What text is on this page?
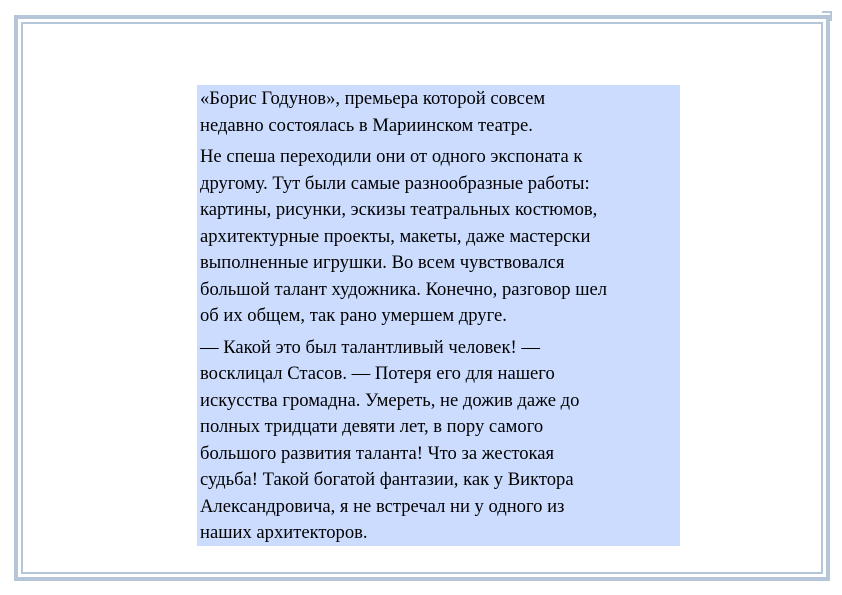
«Борис Годунов», премьера которой совсем
недавно состоялась в Мариинском театре.

Не спеша переходили они от одного экспоната к
другому. Тут были самые разнообразные работы:
картины, рисунки, эскизы театральных костюмов,
архитектурные проекты, макеты, даже мастерски
выполненные игрушки. Во всем чувствовался
большой талант художника. Конечно, разговор шел
об их общем, так рано умершем друге.

— Какой это был талантливый человек! —
восклицал Стасов. — Потеря его для нашего
искусства громадна. Умереть, не дожив даже до
полных тридцати девяти лет, в пору самого
большого развития таланта! Что за жестокая
судьба! Такой богатой фантазии, как у Виктора
Александровича, я не встречал ни у одного из
наших архитекторов.
